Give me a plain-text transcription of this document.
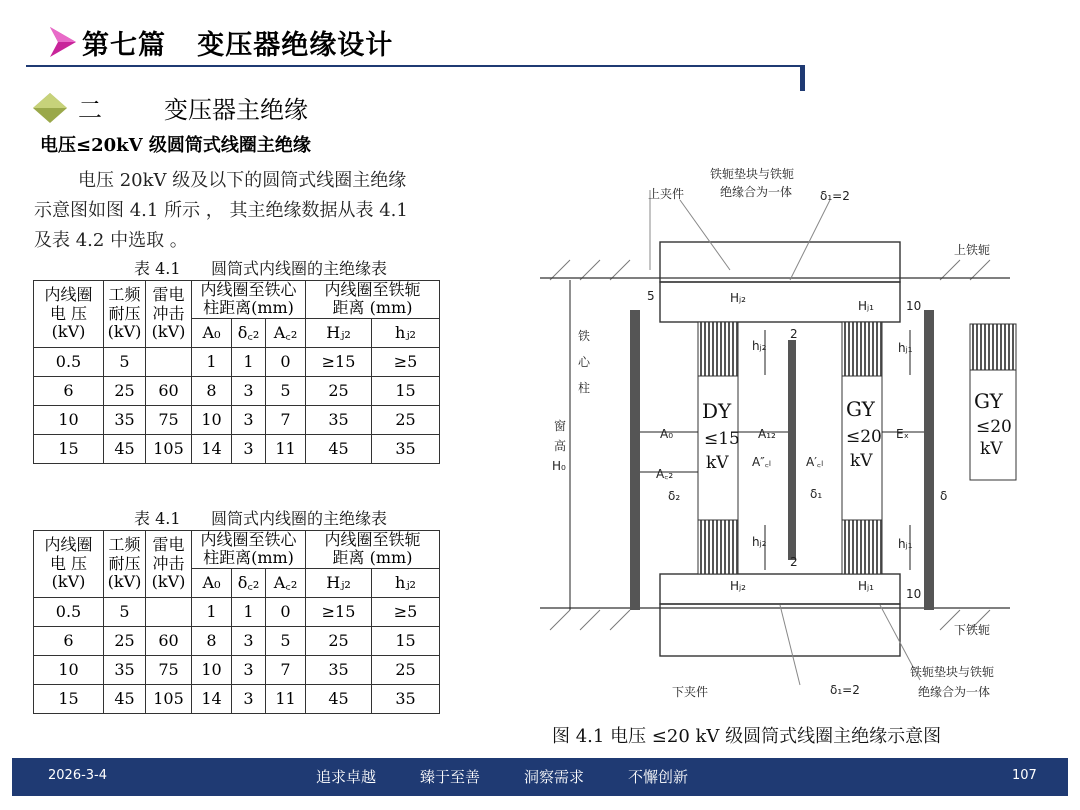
第七篇   变压器绝缘设计
二	变压器主绝缘
电压≤20kV 级圆筒式线圈主绝缘

电压 20kV 级及以下的圆筒式线圈主绝缘

示意图如图 4.1 所示 ， 其主绝缘数据从表 4.1

及表 4.2 中选取 。

表 4.1      圆筒式内线圈的主绝缘表
内线圈
电 压
(kV)	工频
耐压
(kV)	雷电
冲击
(kV)	内线圈至铁心
柱距离(mm)			内线圈至铁轭
距离 (mm)	

			A₀	δ꜀₂	A꜀₂	Hⱼ₂	hⱼ₂
0.5	5		1	1	0	≥15	≥5
6	25	60	8	3	5	25	15
10	35	75	10	3	7	35	25
15	45	105	14	3	11	45	35
表 4.1      圆筒式内线圈的主绝缘表
内线圈
电 压
(kV)	工频
耐压
(kV)	雷电
冲击
(kV)	内线圈至铁心
柱距离(mm)			内线圈至铁轭
距离 (mm)	

			A₀	δ꜀₂	A꜀₂	Hⱼ₂	hⱼ₂
0.5	5		1	1	0	≥15	≥5
6	25	60	8	3	5	25	15
10	35	75	10	3	7	35	25
15	45	105	14	3	11	45	35
铁轭垫块与铁轭
绝缘合为一体
上夹件	δ₁=2
上铁轭
铁
心
柱
窗
高
H₀
5	Hⱼ₂
Hⱼ₁	10
2
hⱼ₂	hⱼ₁
DY
≤15
kV
GY
≤20
kV
GY
≤20
kV
A₀	A₁₂	Eₓ
A꜀₂
A″꜀ₗ	A′꜀ₗ
δ₂	δ₁	δ
hⱼ₂	hⱼ₁
2
Hⱼ₂	Hⱼ₁
10
下铁轭
铁轭垫块与铁轭
绝缘合为一体
下夹件	δ₁=2
图 4.1 电压 ≤20 kV 级圆筒式线圈主绝缘示意图
2026-3-4	追求卓越	臻于至善	洞察需求	不懈创新	107
